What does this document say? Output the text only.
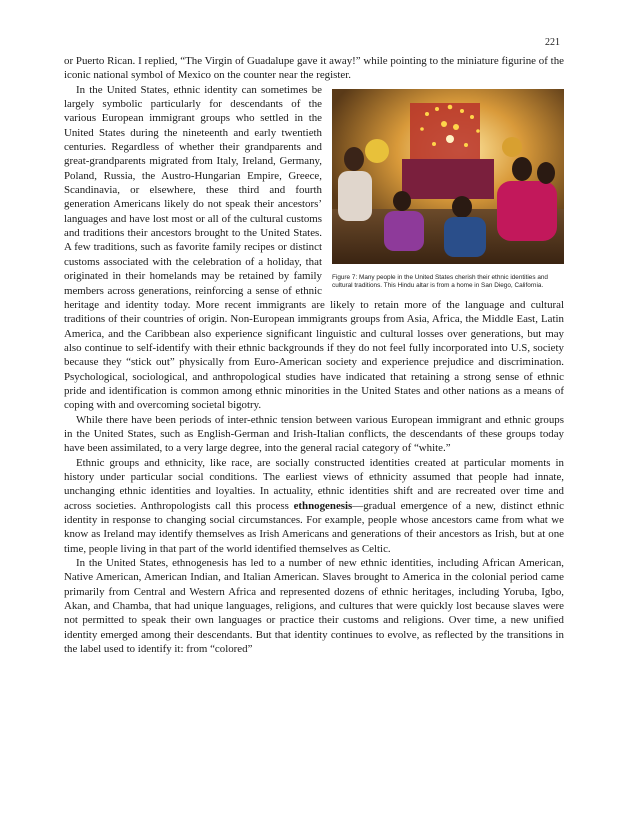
221

or Puerto Rican. I replied, “The Virgin of Guadalupe gave it away!” while pointing to the miniature figurine of the iconic national symbol of Mexico on the counter near the register.

Figure 7: Many people in the United States cherish their ethnic identities and cultural traditions. This Hindu altar is from a home in San Diego, California.

In the United States, ethnic identity can sometimes be largely symbolic particularly for descendants of the various European immigrant groups who settled in the United States during the nineteenth and early twentieth centuries. Regardless of whether their grandparents and great-grandparents migrated from Italy, Ireland, Germany, Poland, Russia, the Austro-Hungarian Empire, Greece, Scandinavia, or elsewhere, these third and fourth generation Americans likely do not speak their ancestors’ languages and have lost most or all of the cultural customs and traditions their ancestors brought to the United States. A few traditions, such as favorite family recipes or distinct customs associated with the celebration of a holiday, that originated in their homelands may be retained by family members across generations, reinforcing a sense of ethnic heritage and identity today. More recent immigrants are likely to retain more of the language and cultural traditions of their countries of origin. Non-European immigrants groups from Asia, Africa, the Middle East, Latin America, and the Caribbean also experience significant linguistic and cultural losses over generations, but may also continue to self-identify with their ethnic backgrounds if they do not feel fully incorporated into U.S, society because they “stick out” physically from Euro-American society and experience prejudice and discrimination. Psychological, sociological, and anthropological studies have indicated that retaining a strong sense of ethnic pride and identification is common among ethnic minorities in the United States and other nations as a means of coping with and overcoming societal bigotry.

While there have been periods of inter-ethnic tension between various European immigrant and ethnic groups in the United States, such as English-German and Irish-Italian conflicts, the descendants of these groups today have been assimilated, to a very large degree, into the general racial category of “white.”

Ethnic groups and ethnicity, like race, are socially constructed identities created at particular moments in history under particular social conditions. The earliest views of ethnicity assumed that people had innate, unchanging ethnic identities and loyalties. In actuality, ethnic identities shift and are recreated over time and across societies. Anthropologists call this process ethnogenesis—gradual emergence of a new, distinct ethnic identity in response to changing social circumstances. For example, people whose ancestors came from what we know as Ireland may identify themselves as Irish Americans and generations of their ancestors as Irish, but at one time, people living in that part of the world identified themselves as Celtic.

In the United States, ethnogenesis has led to a number of new ethnic identities, including African American, Native American, American Indian, and Italian American. Slaves brought to America in the colonial period came primarily from Central and Western Africa and represented dozens of ethnic heritages, including Yoruba, Igbo, Akan, and Chamba, that had unique languages, religions, and cultures that were quickly lost because slaves were not permitted to speak their own languages or practice their customs and religions. Over time, a new unified identity emerged among their descendants. But that identity continues to evolve, as reflected by the transitions in the label used to identify it: from “colored”
